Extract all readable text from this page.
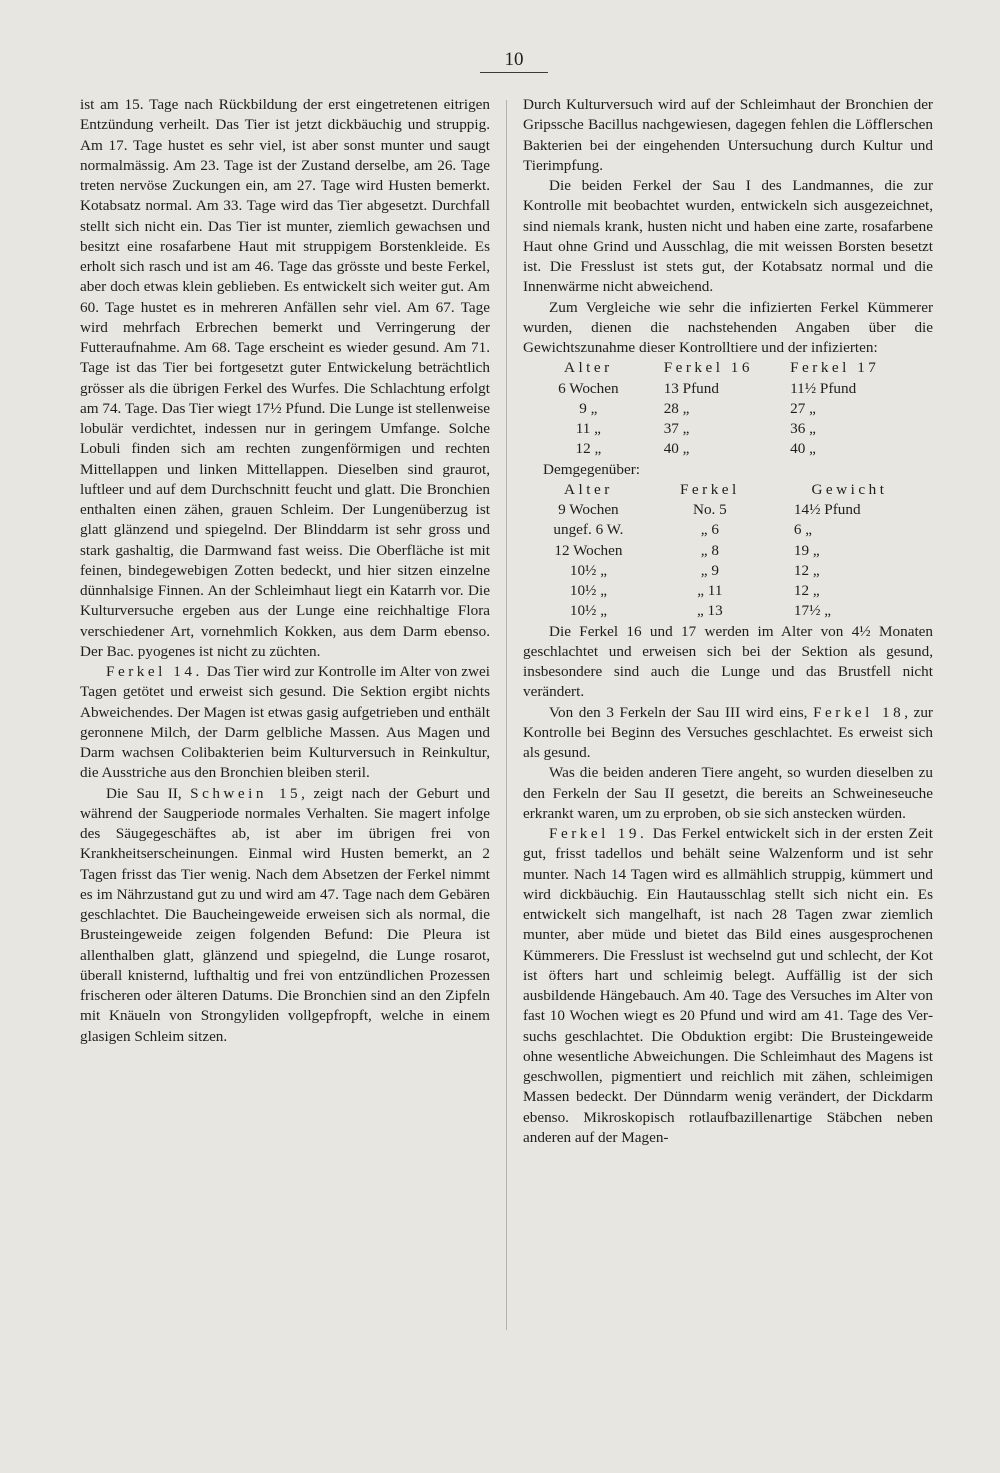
10

ist am 15. Tage nach Rückbildung der erst eingetretenen eitrigen Entzündung verheilt. Das Tier ist jetzt dickbäuchig und struppig. Am 17. Tage hustet es sehr viel, ist aber sonst munter und saugt normalmässig. Am 23. Tage ist der Zustand derselbe, am 26. Tage treten nervöse Zuckungen ein, am 27. Tage wird Husten bemerkt. Kotabsatz normal. Am 33. Tage wird das Tier abgesetzt. Durchfall stellt sich nicht ein. Das Tier ist munter, ziemlich gewachsen und besitzt eine rosafarbene Haut mit struppigem Borstenkleide. Es erholt sich rasch und ist am 46. Tage das grösste und beste Ferkel, aber doch etwas klein geblieben. Es entwickelt sich weiter gut. Am 60. Tage hustet es in mehreren Anfällen sehr viel. Am 67. Tage wird mehrfach Erbrechen bemerkt und Verringerung der Futteraufnahme. Am 68. Tage erscheint es wieder gesund. Am 71. Tage ist das Tier bei fortgesetzt guter Entwickelung beträchtlich grösser als die übrigen Ferkel des Wurfes. Die Schlachtung erfolgt am 74. Tage. Das Tier wiegt 17½ Pfund. Die Lunge ist stellenweise lobulär verdichtet, indessen nur in geringem Umfange. Solche Lobuli finden sich am rechten zungenförmigen und rechten Mittellappen und linken Mittellappen. Dieselben sind graurot, luftleer und auf dem Durchschnitt feucht und glatt. Die Bronchien enthalten einen zähen, grauen Schleim. Der Lungenüberzug ist glatt glänzend und spiegelnd. Der Blinddarm ist sehr gross und stark gashaltig, die Darmwand fast weiss. Die Oberfläche ist mit feinen, bindegewebigen Zotten bedeckt, und hier sitzen einzelne dünnhalsige Finnen. An der Schleimhaut liegt ein Katarrh vor. Die Kulturversuche ergeben aus der Lunge eine reichhaltige Flora verschiedener Art, vornehmlich Kokken, aus dem Darm ebenso. Der Bac. pyogenes ist nicht zu züchten.

Ferkel 14. Das Tier wird zur Kontrolle im Alter von zwei Tagen getötet und erweist sich gesund. Die Sektion ergibt nichts Abweichendes. Der Magen ist etwas gasig aufgetrieben und enthält geronnene Milch, der Darm gelbliche Massen. Aus Magen und Darm wachsen Colibakterien beim Kulturversuch in Reinkultur, die Ausstriche aus den Bronchien bleiben steril.

Die Sau II, Schwein 15, zeigt nach der Geburt und während der Saugperiode normales Verhalten. Sie magert infolge des Säugegeschäftes ab, ist aber im übrigen frei von Krankheitserscheinungen. Einmal wird Husten bemerkt, an 2 Tagen frisst das Tier wenig. Nach dem Absetzen der Ferkel nimmt es im Nährzustand gut zu und wird am 47. Tage nach dem Gebären geschlachtet. Die Baucheingeweide erweisen sich als normal, die Brusteingeweide zeigen folgenden Befund: Die Pleura ist allenthalben glatt, glänzend und spiegelnd, die Lunge rosarot, überall knisternd, lufthaltig und frei von entzündlichen Prozessen frischeren oder älteren Datums. Die Bronchien sind an den Zipfeln mit Knäueln von Strongyliden vollgepfropft, welche in einem glasigen Schleim sitzen.

Durch Kulturversuch wird auf der Schleimhaut der Bronchien der Gripssche Bacillus nachgewiesen, dagegen fehlen die Löfflerschen Bakterien bei der eingehenden Untersuchung durch Kultur und Tierimpfung.

Die beiden Ferkel der Sau I des Landmannes, die zur Kontrolle mit beobachtet wurden, entwickeln sich ausgezeichnet, sind niemals krank, husten nicht und haben eine zarte, rosafarbene Haut ohne Grind und Ausschlag, die mit weissen Borsten besetzt ist. Die Fresslust ist stets gut, der Kotabsatz normal und die Innenwärme nicht abweichend.

Zum Vergleiche wie sehr die infizierten Ferkel Kümmerer wurden, dienen die nachstehenden Angaben über die Gewichtszunahme dieser Kontrolltiere und der infizierten:

Alter	Ferkel 16	Ferkel 17
6 Wochen	13 Pfund	11½ Pfund
9 „	28 „	27 „
11 „	37 „	36 „
12 „	40 „	40 „
Demgegenüber:
Alter	Ferkel	Gewicht
9 Wochen	No. 5	14½ Pfund
ungef. 6 W.	„ 6	6 „
12 Wochen	„ 8	19 „
10½ „	„ 9	12 „
10½ „	„ 11	12 „
10½ „	„ 13	17½ „

Die Ferkel 16 und 17 werden im Alter von 4½ Monaten geschlachtet und erweisen sich bei der Sektion als gesund, insbesondere sind auch die Lunge und das Brustfell nicht verändert.

Von den 3 Ferkeln der Sau III wird eins, Ferkel 18, zur Kontrolle bei Beginn des Versuches geschlachtet. Es erweist sich als gesund.

Was die beiden anderen Tiere angeht, so wurden dieselben zu den Ferkeln der Sau II gesetzt, die bereits an Schweineseuche erkrankt waren, um zu erproben, ob sie sich anstecken würden.

Ferkel 19. Das Ferkel entwickelt sich in der ersten Zeit gut, frisst tadellos und behält seine Walzenform und ist sehr munter. Nach 14 Tagen wird es allmählich struppig, kümmert und wird dickbäuchig. Ein Hautausschlag stellt sich nicht ein. Es entwickelt sich mangelhaft, ist nach 28 Tagen zwar ziemlich munter, aber müde und bietet das Bild eines ausgesprochenen Kümmerers. Die Fresslust ist wechselnd gut und schlecht, der Kot ist öfters hart und schleimig belegt. Auffällig ist der sich ausbildende Hängebauch. Am 40. Tage des Versuches im Alter von fast 10 Wochen wiegt es 20 Pfund und wird am 41. Tage des Versuchs geschlachtet. Die Obduktion ergibt: Die Brusteingeweide ohne wesentliche Abweichungen. Die Schleimhaut des Magens ist geschwollen, pigmentiert und reichlich mit zähen, schleimigen Massen bedeckt. Der Dünndarm wenig verändert, der Dickdarm ebenso. Mikroskopisch rotlaufbazillenartige Stäbchen neben anderen auf der Magen-
